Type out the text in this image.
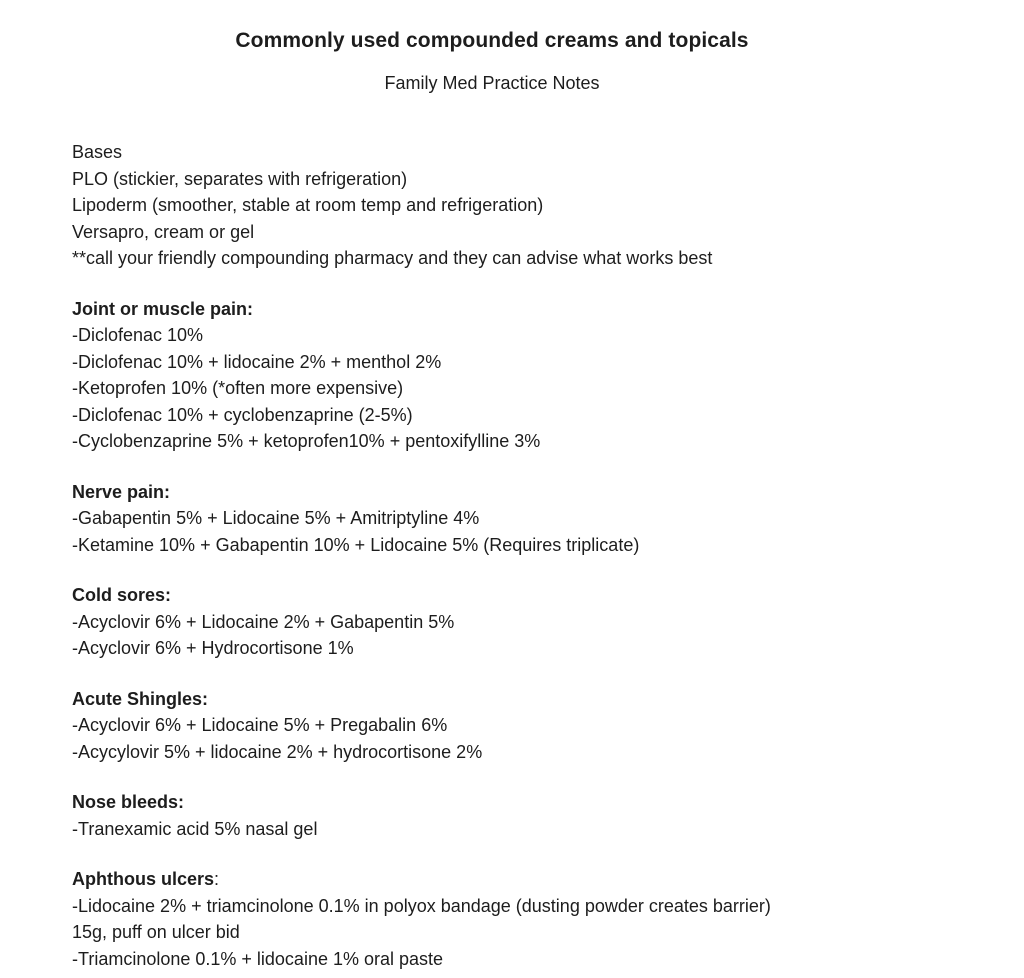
Commonly used compounded creams and topicals
Family Med Practice Notes
Bases
PLO (stickier, separates with refrigeration)
Lipoderm (smoother, stable at room temp and refrigeration)
Versapro, cream or gel
**call your friendly compounding pharmacy and they can advise what works best
Joint or muscle pain:
-Diclofenac 10%
-Diclofenac 10% + lidocaine 2% + menthol 2%
-Ketoprofen 10% (*often more expensive)
-Diclofenac 10% + cyclobenzaprine (2-5%)
-Cyclobenzaprine 5% + ketoprofen10% + pentoxifylline 3%
Nerve pain:
-Gabapentin 5% + Lidocaine 5% + Amitriptyline 4%
-Ketamine 10% + Gabapentin 10% + Lidocaine 5% (Requires triplicate)
Cold sores:
-Acyclovir 6% + Lidocaine 2% + Gabapentin 5%
-Acyclovir 6% + Hydrocortisone 1%
Acute Shingles:
-Acyclovir 6% + Lidocaine 5% + Pregabalin 6%
-Acycylovir 5% + lidocaine 2% + hydrocortisone 2%
Nose bleeds:
-Tranexamic acid 5% nasal gel
Aphthous ulcers:
-Lidocaine 2% + triamcinolone 0.1% in polyox bandage (dusting powder creates barrier)
15g, puff on ulcer bid
-Triamcinolone 0.1% + lidocaine 1% oral paste
